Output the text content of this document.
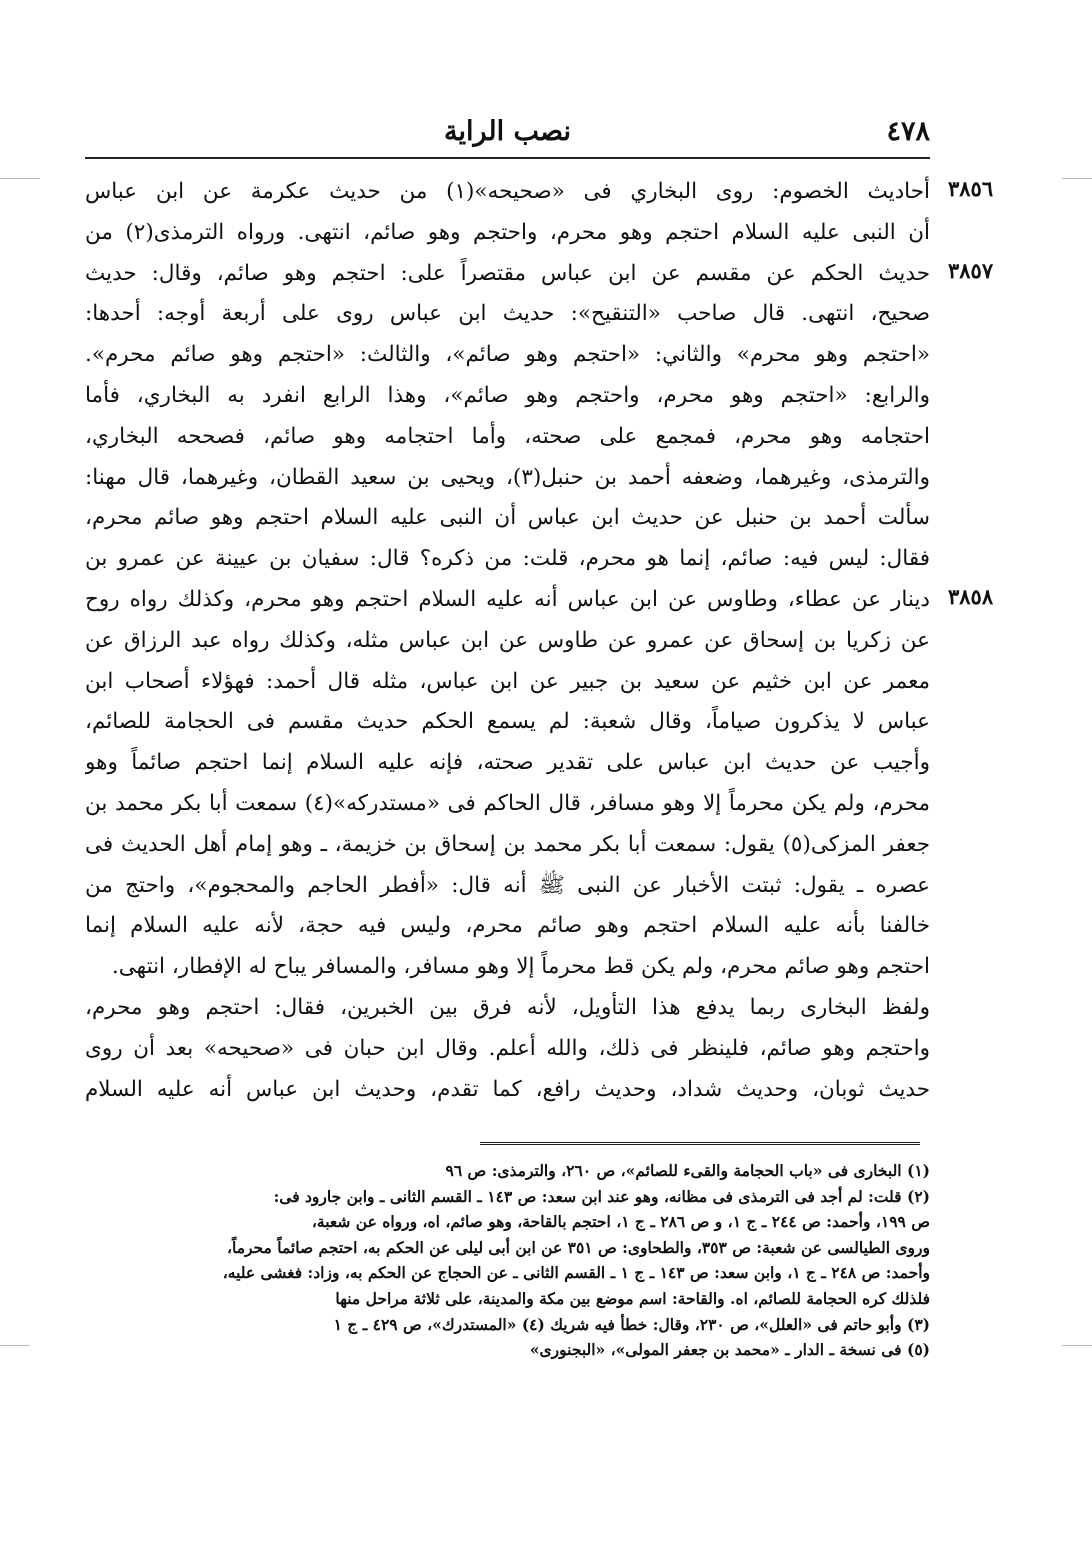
٤٧٨
نصب الراية
٣٨٥٦
٣٨٥٧
٣٨٥٨
أحاديث الخصوم: روى البخاري فى «صحيحه»(١) من حديث عكرمة عن ابن عباس
أن النبى عليه السلام احتجم وهو محرم، واحتجم وهو صائم، انتهى. ورواه الترمذى(٢) من
حديث الحكم عن مقسم عن ابن عباس مقتصراً على: احتجم وهو صائم، وقال: حديث
صحيح، انتهى. قال صاحب «التنقيح»: حديث ابن عباس روى على أربعة أوجه: أحدها:
«احتجم وهو محرم» والثاني: «احتجم وهو صائم»، والثالث: «احتجم وهو صائم محرم».
والرابع: «احتجم وهو محرم، واحتجم وهو صائم»، وهذا الرابع انفرد به البخاري، فأما
احتجامه وهو محرم، فمجمع على صحته، وأما احتجامه وهو صائم، فصححه البخاري،
والترمذى، وغيرهما، وضعفه أحمد بن حنبل(٣)، ويحيى بن سعيد القطان، وغيرهما، قال مهنا:
سألت أحمد بن حنبل عن حديث ابن عباس أن النبى عليه السلام احتجم وهو صائم محرم،
فقال: ليس فيه: صائم، إنما هو محرم، قلت: من ذكره؟ قال: سفيان بن عيينة عن عمرو بن
دينار عن عطاء، وطاوس عن ابن عباس أنه عليه السلام احتجم وهو محرم، وكذلك رواه روح
عن زكريا بن إسحاق عن عمرو عن طاوس عن ابن عباس مثله، وكذلك رواه عبد الرزاق عن
معمر عن ابن خثيم عن سعيد بن جبير عن ابن عباس، مثله قال أحمد: فهؤلاء أصحاب ابن
عباس لا يذكرون صياماً، وقال شعبة: لم يسمع الحكم حديث مقسم فى الحجامة للصائم،
وأجيب عن حديث ابن عباس على تقدير صحته، فإنه عليه السلام إنما احتجم صائماً وهو
محرم، ولم يكن محرماً إلا وهو مسافر، قال الحاكم فى «مستدركه»(٤) سمعت أبا بكر محمد بن
جعفر المزكى(٥) يقول: سمعت أبا بكر محمد بن إسحاق بن خزيمة، ـ وهو إمام أهل الحديث فى
عصره ـ يقول: ثبتت الأخبار عن النبى ﷺ أنه قال: «أفطر الحاجم والمحجوم»، واحتج من
خالفنا بأنه عليه السلام احتجم وهو صائم محرم، وليس فيه حجة، لأنه عليه السلام إنما
احتجم وهو صائم محرم، ولم يكن قط محرماً إلا وهو مسافر، والمسافر يباح له الإفطار، انتهى.
ولفظ البخارى ربما يدفع هذا التأويل، لأنه فرق بين الخبرين، فقال: احتجم وهو محرم،
واحتجم وهو صائم، فلينظر فى ذلك، والله أعلم. وقال ابن حبان فى «صحيحه» بعد أن روى
حديث ثوبان، وحديث شداد، وحديث رافع، كما تقدم، وحديث ابن عباس أنه عليه السلام
(١) البخارى فى «باب الحجامة والقىء للصائم»، ص ٢٦٠، والترمذى: ص ٩٦
(٢) قلت: لم أجد فى الترمذى فى مظانه، وهو عند ابن سعد: ص ١٤٣ ـ القسم الثانى ـ وابن جارود فى:
ص ١٩٩، وأحمد: ص ٢٤٤ ـ ج ١، و ص ٢٨٦ ـ ج ١، احتجم بالقاحة، وهو صائم، اه، ورواه عن شعبة،
وروى الطيالسى عن شعبة: ص ٣٥٣، والطحاوى: ص ٣٥١ عن ابن أبى ليلى عن الحكم به، احتجم صائماً محرماً،
وأحمد: ص ٢٤٨ ـ ج ١، وابن سعد: ص ١٤٣ ـ ج ١ ـ القسم الثانى ـ عن الحجاج عن الحكم به، وزاد: فغشى عليه،
فلذلك كره الحجامة للصائم، اه. والقاحة: اسم موضع بين مكة والمدينة، على ثلاثة مراحل منها
(٣) وأبو حاتم فى «العلل»، ص ٢٣٠، وقال: خطأ فيه شريك (٤) «المستدرك»، ص ٤٢٩ ـ ج ١
(٥) فى نسخة ـ الدار ـ «محمد بن جعفر المولى»، «البجنورى»
